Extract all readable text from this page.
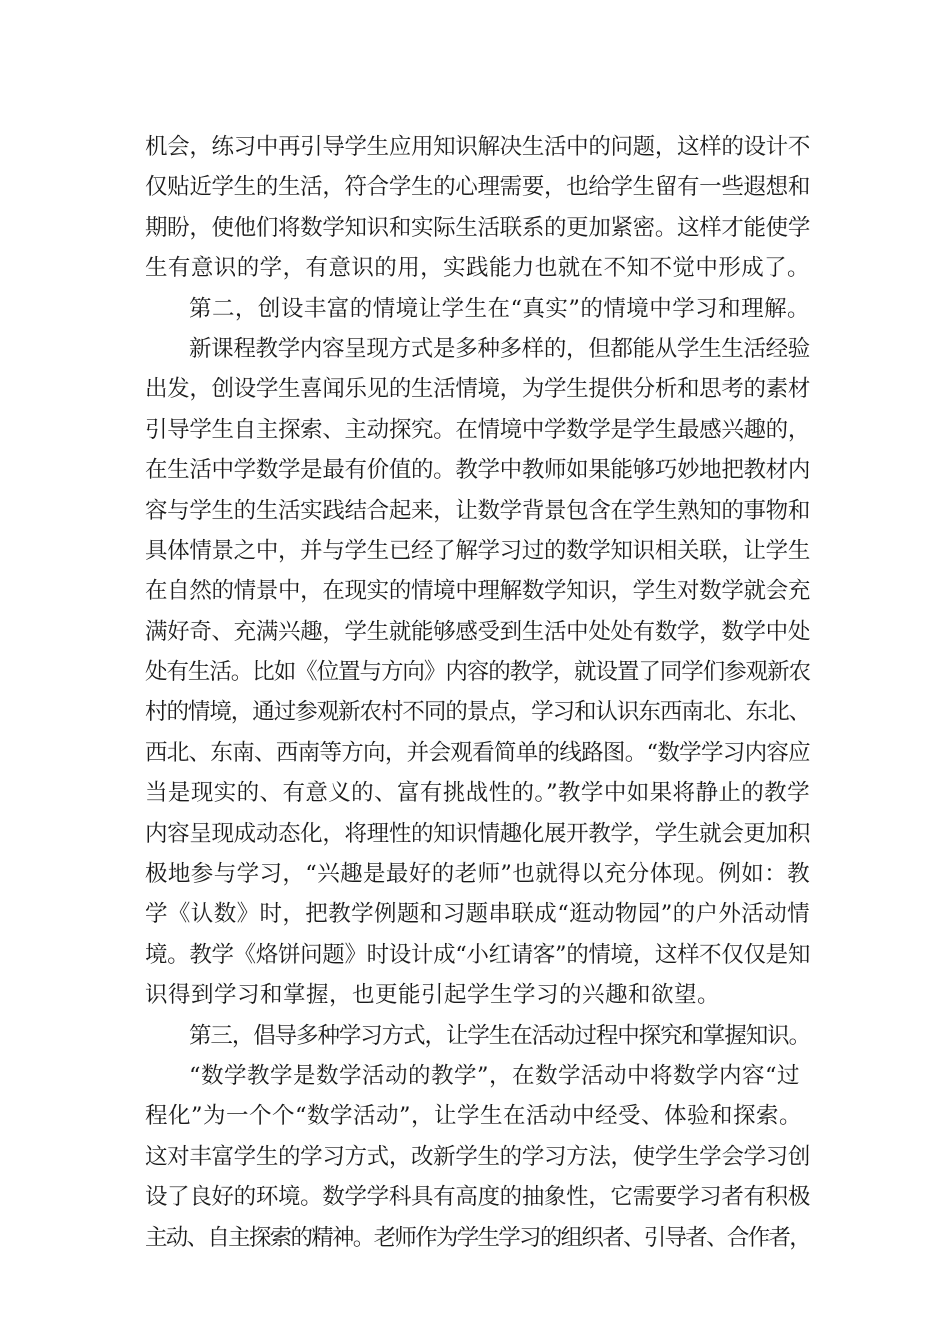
机会，练习中再引导学生应用知识解决生活中的问题，这样的设计不
仅贴近学生的生活，符合学生的心理需要，也给学生留有一些遐想和
期盼，使他们将数学知识和实际生活联系的更加紧密。这样才能使学
生有意识的学，有意识的用，实践能力也就在不知不觉中形成了。
第二，创设丰富的情境让学生在“真实”的情境中学习和理解。
新课程教学内容呈现方式是多种多样的，但都能从学生生活经验
出发，创设学生喜闻乐见的生活情境，为学生提供分析和思考的素材
引导学生自主探索、主动探究。在情境中学数学是学生最感兴趣的，
在生活中学数学是最有价值的。教学中教师如果能够巧妙地把教材内
容与学生的生活实践结合起来，让数学背景包含在学生熟知的事物和
具体情景之中，并与学生已经了解学习过的数学知识相关联，让学生
在自然的情景中，在现实的情境中理解数学知识，学生对数学就会充
满好奇、充满兴趣，学生就能够感受到生活中处处有数学，数学中处
处有生活。比如《位置与方向》内容的教学，就设置了同学们参观新农
村的情境，通过参观新农村不同的景点，学习和认识东西南北、东北、
西北、东南、西南等方向，并会观看简单的线路图。“数学学习内容应
当是现实的、有意义的、富有挑战性的。”教学中如果将静止的教学
内容呈现成动态化，将理性的知识情趣化展开教学，学生就会更加积
极地参与学习，“兴趣是最好的老师”也就得以充分体现。例如：教
学《认数》时，把教学例题和习题串联成“逛动物园”的户外活动情
境。教学《烙饼问题》时设计成“小红请客”的情境，这样不仅仅是知
识得到学习和掌握，也更能引起学生学习的兴趣和欲望。
第三，倡导多种学习方式，让学生在活动过程中探究和掌握知识。
“数学教学是数学活动的教学”，在数学活动中将数学内容“过
程化”为一个个“数学活动”，让学生在活动中经受、体验和探索。
这对丰富学生的学习方式，改新学生的学习方法，使学生学会学习创
设了良好的环境。数学学科具有高度的抽象性，它需要学习者有积极
主动、自主探索的精神。老师作为学生学习的组织者、引导者、合作者，
